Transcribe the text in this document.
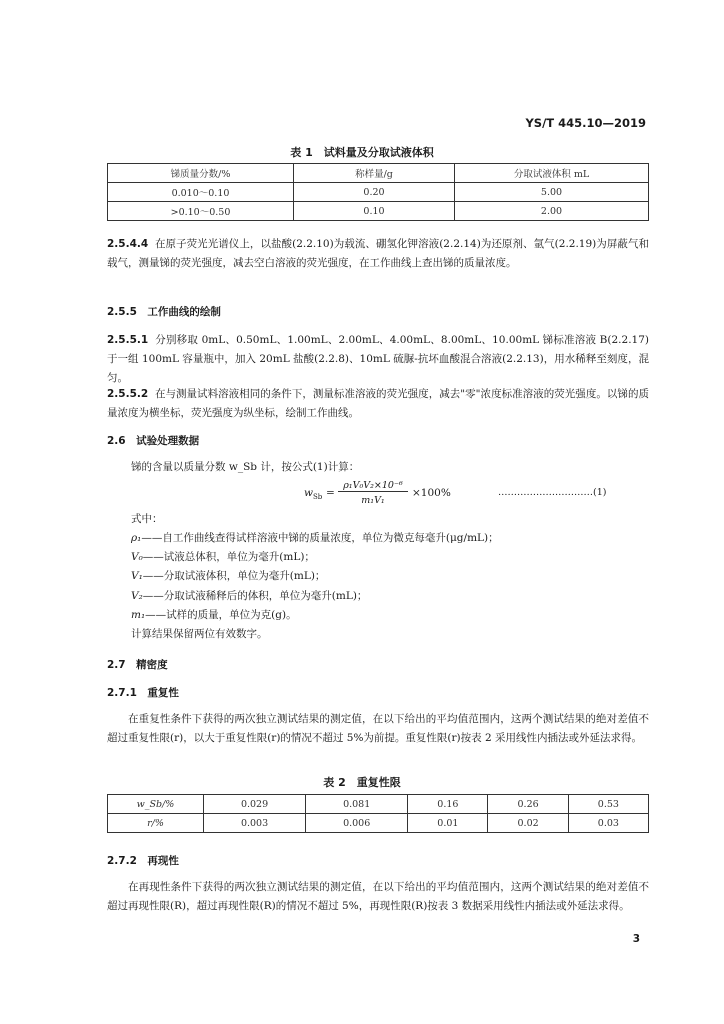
YS/T 445.10—2019
表 1　试料量及分取试液体积
锑质量分数/%	称样量/g	分取试液体积 mL
0.010～0.10	0.20	5.00
>0.10～0.50	0.10	2.00
2.5.4.4 在原子荧光光谱仪上，以盐酸(2.2.10)为载流、硼氢化钾溶液(2.2.14)为还原剂、氩气(2.2.19)为屏蔽气和载气，测量锑的荧光强度，减去空白溶液的荧光强度，在工作曲线上查出锑的质量浓度。
2.5.5　工作曲线的绘制
2.5.5.1 分别移取 0mL、0.50mL、1.00mL、2.00mL、4.00mL、8.00mL、10.00mL 锑标准溶液 B(2.2.17)于一组 100mL 容量瓶中，加入 20mL 盐酸(2.2.8)、10mL 硫脲-抗坏血酸混合溶液(2.2.13)，用水稀释至刻度，混匀。
2.5.5.2 在与测量试料溶液相同的条件下，测量标准溶液的荧光强度，减去"零"浓度标准溶液的荧光强度。以锑的质量浓度为横坐标，荧光强度为纵坐标，绘制工作曲线。
2.6　试验处理数据
锑的含量以质量分数 w_Sb 计，按公式(1)计算：
$w_{Sb}$ =
ρ₁V₀V₂×10⁻⁶
m₁V₁
×100%	…………………………(1)
式中：
ρ₁——自工作曲线查得试样溶液中锑的质量浓度，单位为微克每毫升(μg/mL)；
V₀——试液总体积，单位为毫升(mL)；
V₁——分取试液体积，单位为毫升(mL)；
V₂——分取试液稀释后的体积，单位为毫升(mL)；
m₁——试样的质量，单位为克(g)。
计算结果保留两位有效数字。
2.7　精密度
2.7.1　重复性
在重复性条件下获得的两次独立测试结果的测定值，在以下给出的平均值范围内，这两个测试结果的绝对差值不超过重复性限(r)，以大于重复性限(r)的情况不超过 5%为前提。重复性限(r)按表 2 采用线性内插法或外延法求得。
表 2　重复性限
w_Sb/%	0.029	0.081	0.16	0.26	0.53
r/%	0.003	0.006	0.01	0.02	0.03
2.7.2　再现性
在再现性条件下获得的两次独立测试结果的测定值，在以下给出的平均值范围内，这两个测试结果的绝对差值不超过再现性限(R)，超过再现性限(R)的情况不超过 5%，再现性限(R)按表 3 数据采用线性内插法或外延法求得。
3
